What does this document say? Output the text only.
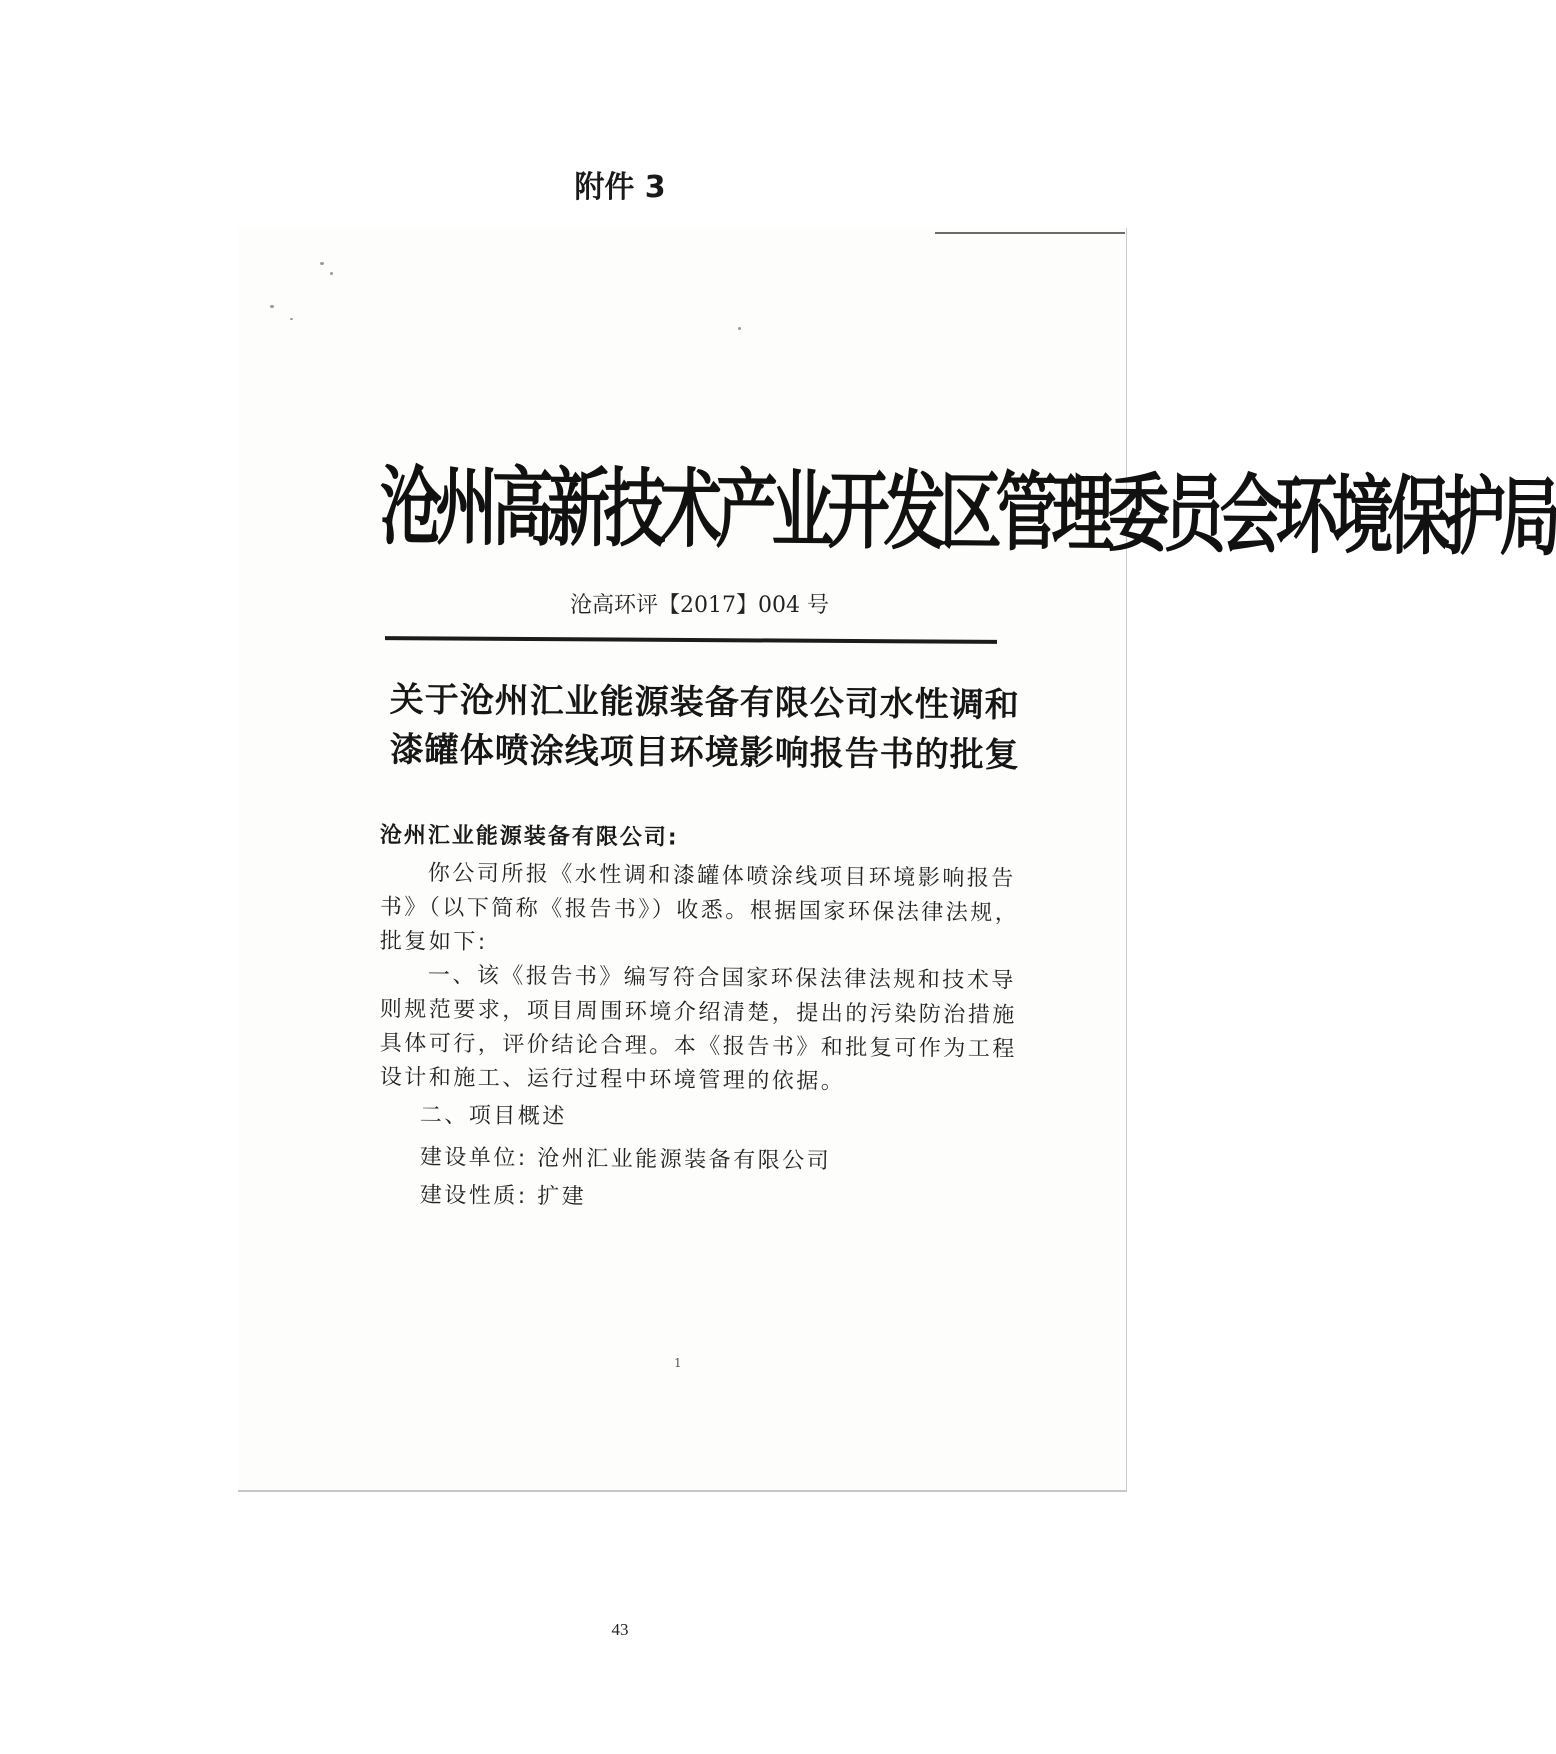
附件 3
沧州高新技术产业开发区管理委员会环境保护局
沧高环评【2017】004 号
关于沧州汇业能源装备有限公司水性调和
漆罐体喷涂线项目环境影响报告书的批复
沧州汇业能源装备有限公司:
你公司所报《水性调和漆罐体喷涂线项目环境影响报告
书》（以下简称《报告书》）收悉。根据国家环保法律法规，
批复如下:
一、该《报告书》编写符合国家环保法律法规和技术导
则规范要求，项目周围环境介绍清楚，提出的污染防治措施
具体可行，评价结论合理。本《报告书》和批复可作为工程
设计和施工、运行过程中环境管理的依据。
二、项目概述
建设单位: 沧州汇业能源装备有限公司
建设性质: 扩建
1
43
